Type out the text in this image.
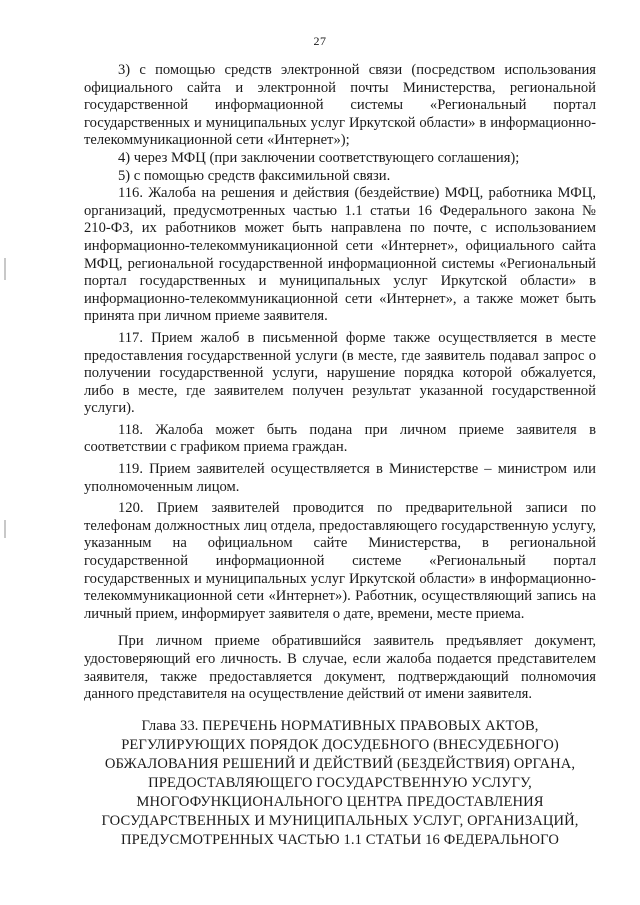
27

3) с помощью средств электронной связи (посредством использования официального сайта и электронной почты Министерства, региональной государственной информационной системы «Региональный портал государственных и муниципальных услуг Иркутской области» в информационно-телекоммуникационной сети «Интернет»);

4) через МФЦ (при заключении соответствующего соглашения);

5) с помощью средств факсимильной связи.

116. Жалоба на решения и действия (бездействие) МФЦ, работника МФЦ, организаций, предусмотренных частью 1.1 статьи 16 Федерального закона № 210-ФЗ, их работников может быть направлена по почте, с использованием информационно-телекоммуникационной сети «Интернет», официального сайта МФЦ, региональной государственной информационной системы «Региональный портал государственных и муниципальных услуг Иркутской области» в информационно-телекоммуникационной сети «Интернет», а также может быть принята при личном приеме заявителя.

117. Прием жалоб в письменной форме также осуществляется в месте предоставления государственной услуги (в месте, где заявитель подавал запрос о получении государственной услуги, нарушение порядка которой обжалуется, либо в месте, где заявителем получен результат указанной государственной услуги).

118. Жалоба может быть подана при личном приеме заявителя в соответствии с графиком приема граждан.

119. Прием заявителей осуществляется в Министерстве – министром или уполномоченным лицом.

120. Прием заявителей проводится по предварительной записи по телефонам должностных лиц отдела, предоставляющего государственную услугу, указанным на официальном сайте Министерства, в региональной государственной информационной системе «Региональный портал государственных и муниципальных услуг Иркутской области» в информационно-телекоммуникационной сети «Интернет»). Работник, осуществляющий запись на личный прием, информирует заявителя о дате, времени, месте приема.

При личном приеме обратившийся заявитель предъявляет документ, удостоверяющий его личность. В случае, если жалоба подается представителем заявителя, также предоставляется документ, подтверждающий полномочия данного представителя на осуществление действий от имени заявителя.

Глава 33. ПЕРЕЧЕНЬ НОРМАТИВНЫХ ПРАВОВЫХ АКТОВ,

РЕГУЛИРУЮЩИХ ПОРЯДОК ДОСУДЕБНОГО (ВНЕСУДЕБНОГО)

ОБЖАЛОВАНИЯ РЕШЕНИЙ И ДЕЙСТВИЙ (БЕЗДЕЙСТВИЯ) ОРГАНА,

ПРЕДОСТАВЛЯЮЩЕГО ГОСУДАРСТВЕННУЮ УСЛУГУ,

МНОГОФУНКЦИОНАЛЬНОГО ЦЕНТРА ПРЕДОСТАВЛЕНИЯ

ГОСУДАРСТВЕННЫХ И МУНИЦИПАЛЬНЫХ УСЛУГ, ОРГАНИЗАЦИЙ,

ПРЕДУСМОТРЕННЫХ ЧАСТЬЮ 1.1 СТАТЬИ 16 ФЕДЕРАЛЬНОГО
